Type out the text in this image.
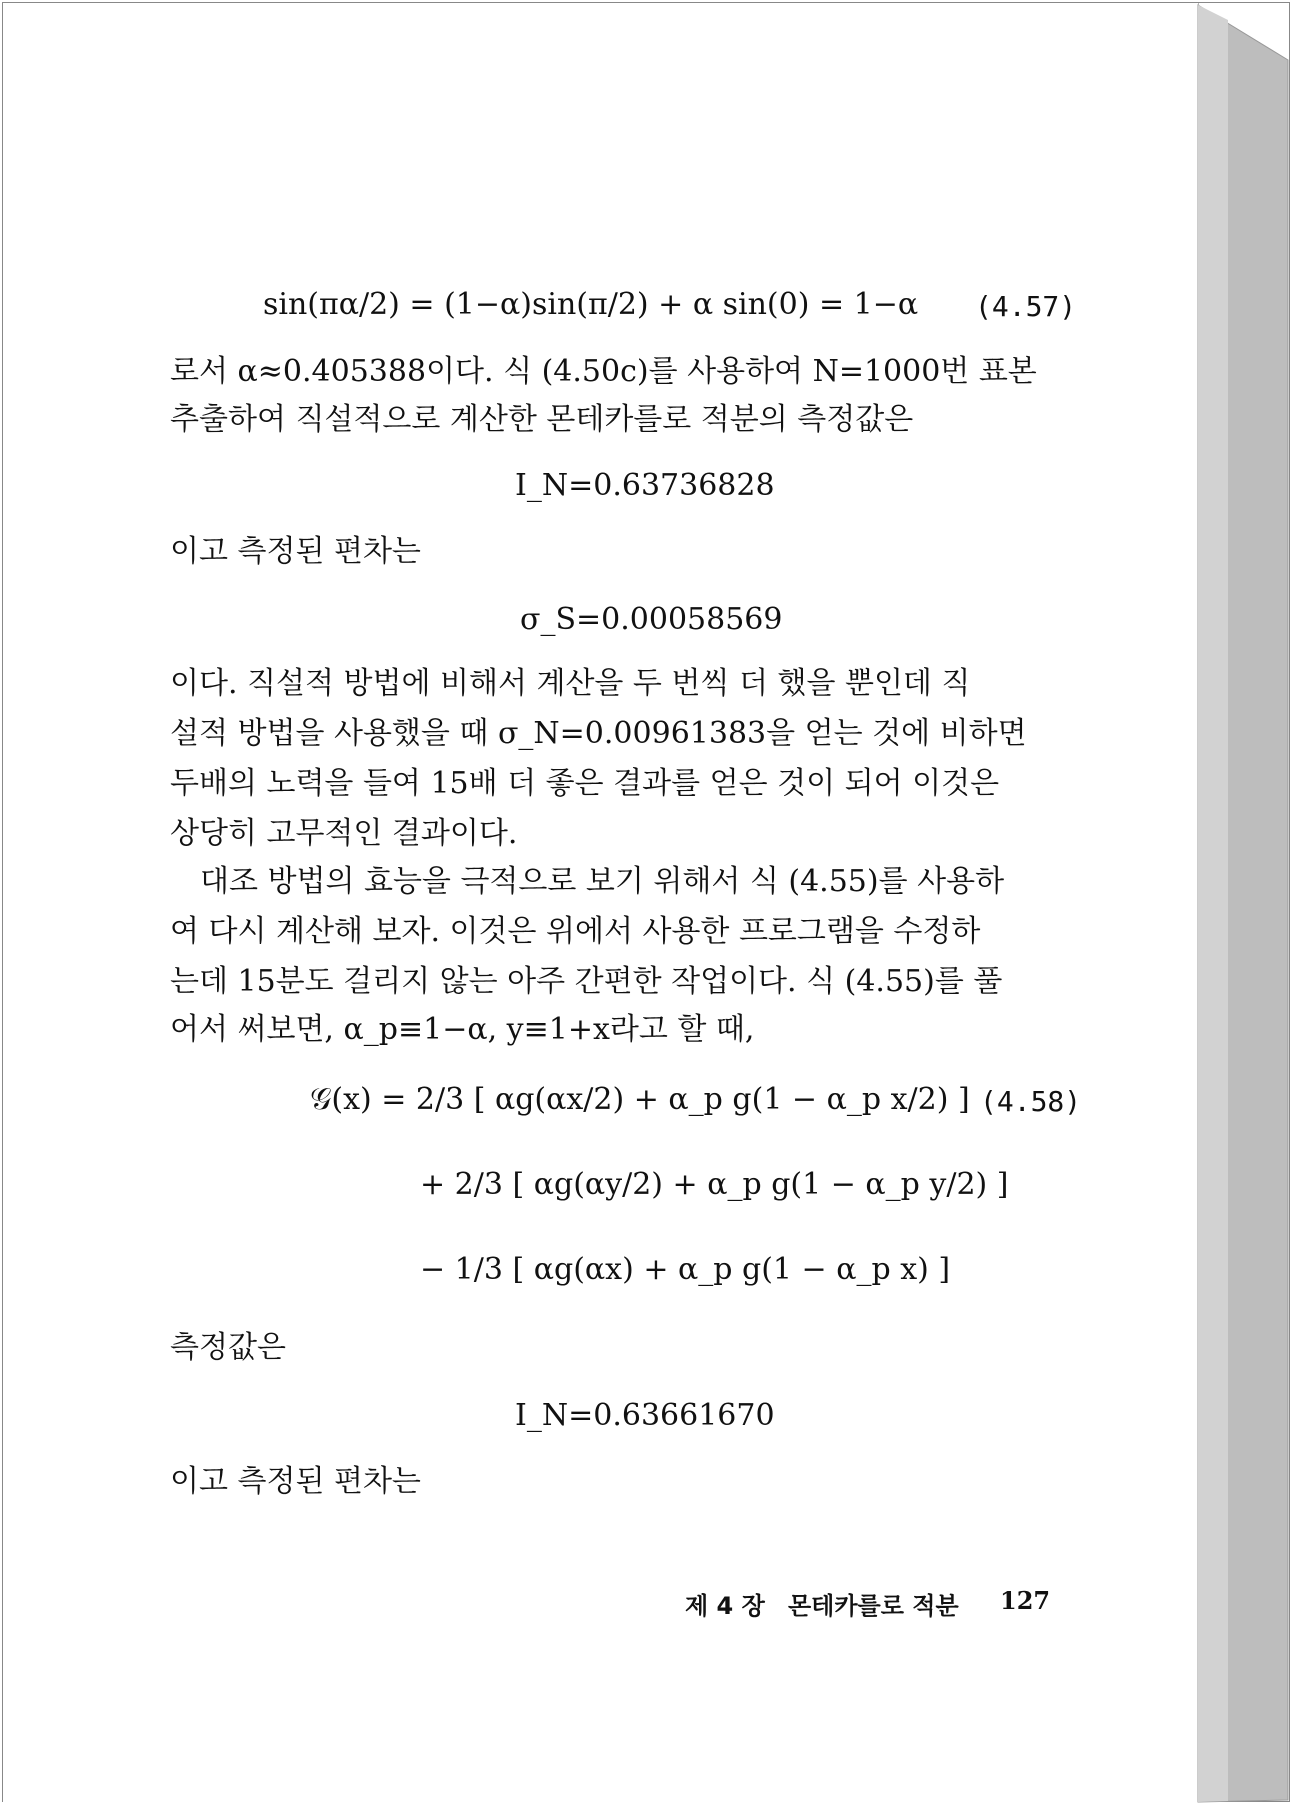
sin(πα/2) = (1−α)sin(π/2) + α sin(0) = 1−α (4.57)
로서 α≈0.405388이다. 식 (4.50c)를 사용하여 N=1000번 표본
추출하여 직설적으로 계산한 몬테카를로 적분의 측정값은
I_N=0.63736828
이고 측정된 편차는
σ_S=0.00058569
이다. 직설적 방법에 비해서 계산을 두 번씩 더 했을 뿐인데 직
설적 방법을 사용했을 때 σ_N=0.00961383을 얻는 것에 비하면
두배의 노력을 들여 15배 더 좋은 결과를 얻은 것이 되어 이것은
상당히 고무적인 결과이다.
대조 방법의 효능을 극적으로 보기 위해서 식 (4.55)를 사용하
여 다시 계산해 보자. 이것은 위에서 사용한 프로그램을 수정하
는데 15분도 걸리지 않는 아주 간편한 작업이다. 식 (4.55)를 풀
어서 써보면, α_p≡1−α, y≡1+x라고 할 때,
𝒢(x) = 2/3 [ αg(αx/2) + α_p g(1 − α_p x/2) ] (4.58)
+ 2/3 [ αg(αy/2) + α_p g(1 − α_p y/2) ]
− 1/3 [ αg(αx) + α_p g(1 − α_p x) ]
측정값은
I_N=0.63661670
이고 측정된 편차는
제 4 장 몬테카를로 적분 127
